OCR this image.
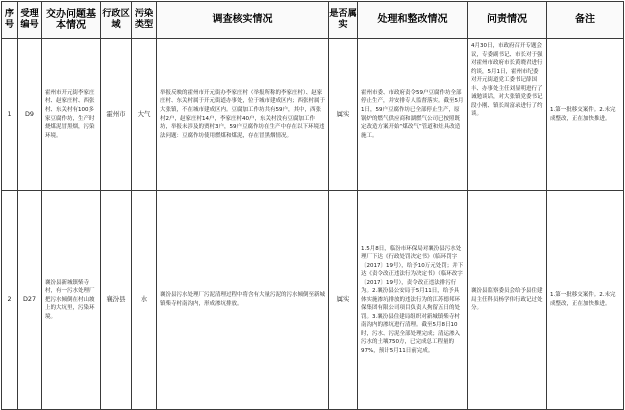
序号	受理编号	交办问题基本情况	行政区域	污染类型	调查核实情况	是否属实	处理和整改情况	问责情况	备注
1	D9	霍州市开元街李家庄村、赵家庄村、西张村、东关村有100多家豆腐作坊，生产时烧煤泥冒黑烟，污染环境。	霍州市	大气	举报反映的霍州市开元街办李家庄村（举报所称的李家庄村）、赵家庄村、东关村属于开元街道办事处，位于城市建成区内；西张村属于大张镇，不在城市建成区内。豆腐加工作坊共有59户，其中，西张村2户，赵家庄村14户，李家庄村40户，东关村没有豆腐加工作坊，举报未涉及的贾村3户，59户豆腐作坊在生产中存在以下环境违法问题：豆腐作坊使用燃煤和煤泥，存在冒黑烟情况。	属实	霍州市委、市政府责令59户豆腐作坊全部停止生产，并安排专人监督落实。截至5月1日，59户豆腐作坊已全部停止生产，原锅炉的燃气供应商和湖燃气公司已按照既定改造方案开始“煤改气”管道和灶具改造施工。	4月30日，市政府召开专题会议，专委副书记、市长对于强对霍州市政府市长黄晓君进行约谈，5月1日，霍州市纪委对开元街道党工委书记薛国丰、办事处主任刘显明进行了诫勉谈话，对大张镇党委书记段小刚、镇长周富录进行了约谈。	1.第一批移交案件。2.未完成整改，正在加快推进。
2	D27	襄汾县新城镇柴寺村，有一污水处理厂把污水倾倒在村山坡上的大坑里，污染环境。	襄汾县	水	襄汾县污水处理厂污泥清理过程中将含有大量污泥的污水倾倒至新城镇柴寺村南沟内，形成渗坑排放。	属实	1.5月8日，临汾市环保局对襄汾县污水处理厂下达《行政处罚决定书》（临环罚字〔2017〕19号），给予10万元处罚；并下达《责令改正违法行为决定书》（临环改字〔2017〕19号），责令改正违法排污行为。2.襄汾县公安局于5月11日，给予具体实施渗坑排放的违法行为的江苏德邦环保集团有限公司项目负责人拘留五日的处罚。3.襄汾县住建局组织对新城镇柴寺村南沟内的渗坑进行清理。截至5月8日10时，污水、污泥全部处理完成；清运渗入污水的土壤750方，已完成总工程量的97%，预计5月11日前完成。	襄汾县监察委员会给予县住建局主任科员杨学伟行政记过处分。	1.第一批移交案件。2.未完成整改，正在加快推进。
